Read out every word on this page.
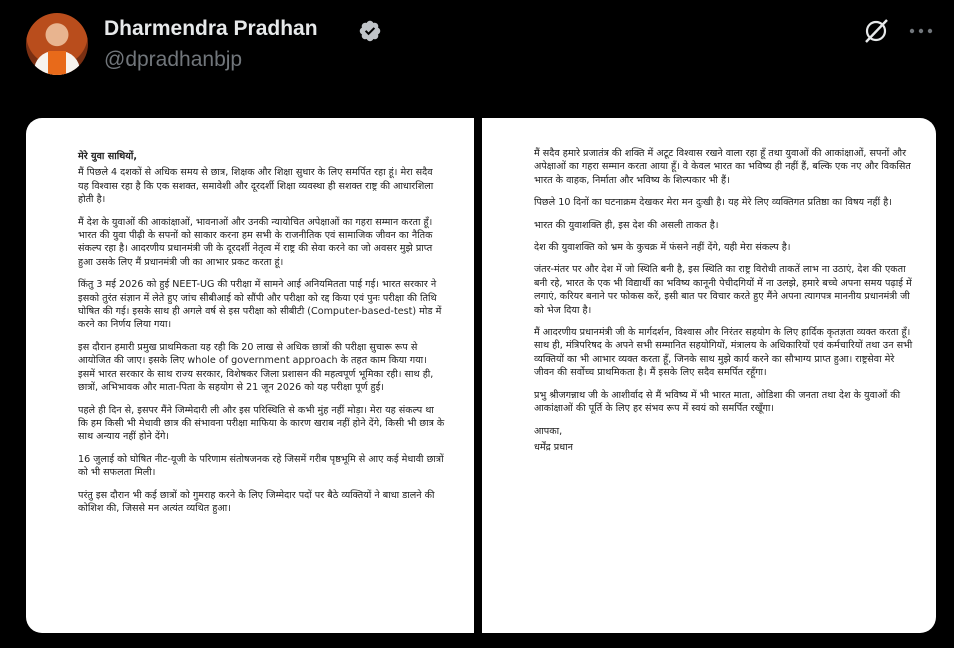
Dharmendra Pradhan
@dpradhanbjp

मेरे युवा साथियों,

मैं पिछले 4 दशकों से अधिक समय से छात्र, शिक्षक और शिक्षा सुधार के लिए समर्पित रहा हूं। मेरा सदैव यह विश्वास रहा है कि एक सशक्त, समावेशी और दूरदर्शी शिक्षा व्यवस्था ही सशक्त राष्ट्र की आधारशिला होती है।

मैं देश के युवाओं की आकांक्षाओं, भावनाओं और उनकी न्यायोचित अपेक्षाओं का गहरा सम्मान करता हूँ। भारत की युवा पीढ़ी के सपनों को साकार करना हम सभी के राजनीतिक एवं सामाजिक जीवन का नैतिक संकल्प रहा है। आदरणीय प्रधानमंत्री जी के दूरदर्शी नेतृत्व में राष्ट्र की सेवा करने का जो अवसर मुझे प्राप्त हुआ उसके लिए मैं प्रधानमंत्री जी का आभार प्रकट करता हूं।

किंतु 3 मई 2026 को हुई NEET-UG की परीक्षा में सामने आई अनियमितता पाई गई। भारत सरकार ने इसको तुरंत संज्ञान में लेते हुए जांच सीबीआई को सौंपी और परीक्षा को रद्द किया एवं पुनः परीक्षा की तिथि घोषित की गई। इसके साथ ही अगले वर्ष से इस परीक्षा को सीबीटी (Computer-based-test) मोड में करने का निर्णय लिया गया।

इस दौरान हमारी प्रमुख प्राथमिकता यह रही कि 20 लाख से अधिक छात्रों की परीक्षा सुचारू रूप से आयोजित की जाए। इसके लिए whole of government approach के तहत काम किया गया। इसमें भारत सरकार के साथ राज्य सरकार, विशेषकर जिला प्रशासन की महत्वपूर्ण भूमिका रही। साथ ही, छात्रों, अभिभावक और माता-पिता के सहयोग से 21 जून 2026 को यह परीक्षा पूर्ण हुई।

पहले ही दिन से, इसपर मैंने जिम्मेदारी ली और इस परिस्थिति से कभी मुंह नहीं मोड़ा। मेरा यह संकल्प था कि हम किसी भी मेधावी छात्र की संभावना परीक्षा माफिया के कारण खराब नहीं होने देंगे, किसी भी छात्र के साथ अन्याय नहीं होने देंगे।

16 जुलाई को घोषित नीट-यूजी के परिणाम संतोषजनक रहे जिसमें गरीब पृष्ठभूमि से आए कई मेधावी छात्रों को भी सफलता मिली।

परंतु इस दौरान भी कई छात्रों को गुमराह करने के लिए जिम्मेदार पदों पर बैठे व्यक्तियों ने बाधा डालने की कोशिश की, जिससे मन अत्यंत व्यथित हुआ।

मैं सदैव हमारे प्रजातंत्र की शक्ति में अटूट विश्वास रखने वाला रहा हूँ तथा युवाओं की आकांक्षाओं, सपनों और अपेक्षाओं का गहरा सम्मान करता आया हूँ। वे केवल भारत का भविष्य ही नहीं हैं, बल्कि एक नए और विकसित भारत के वाहक, निर्माता और भविष्य के शिल्पकार भी हैं।

पिछले 10 दिनों का घटनाक्रम देखकर मेरा मन दुःखी है। यह मेरे लिए व्यक्तिगत प्रतिष्ठा का विषय नहीं है।

भारत की युवाशक्ति ही, इस देश की असली ताकत है।

देश की युवाशक्ति को भ्रम के कुचक्र में फंसने नहीं देंगे, यही मेरा संकल्प है।

जंतर-मंतर पर और देश में जो स्थिति बनी है, इस स्थिति का राष्ट्र विरोधी ताकतें लाभ ना उठाएं, देश की एकता बनी रहे, भारत के एक भी विद्यार्थी का भविष्य कानूनी पेचीदगियों में ना उलझे, हमारे बच्चे अपना समय पढ़ाई में लगाएं, करियर बनाने पर फोकस करें, इसी बात पर विचार करते हुए मैंने अपना त्यागपत्र माननीय प्रधानमंत्री जी को भेज दिया है।

मैं आदरणीय प्रधानमंत्री जी के मार्गदर्शन, विश्वास और निरंतर सहयोग के लिए हार्दिक कृतज्ञता व्यक्त करता हूँ। साथ ही, मंत्रिपरिषद के अपने सभी सम्मानित सहयोगियों, मंत्रालय के अधिकारियों एवं कर्मचारियों तथा उन सभी व्यक्तियों का भी आभार व्यक्त करता हूँ, जिनके साथ मुझे कार्य करने का सौभाग्य प्राप्त हुआ। राष्ट्रसेवा मेरे जीवन की सर्वोच्च प्राथमिकता है। मैं इसके लिए सदैव समर्पित रहूँगा।

प्रभु श्रीजगन्नाथ जी के आशीर्वाद से मैं भविष्य में भी भारत माता, ओडिशा की जनता तथा देश के युवाओं की आकांक्षाओं की पूर्ति के लिए हर संभव रूप में स्वयं को समर्पित रखूँगा।

आपका,

धर्मेंद्र प्रधान
